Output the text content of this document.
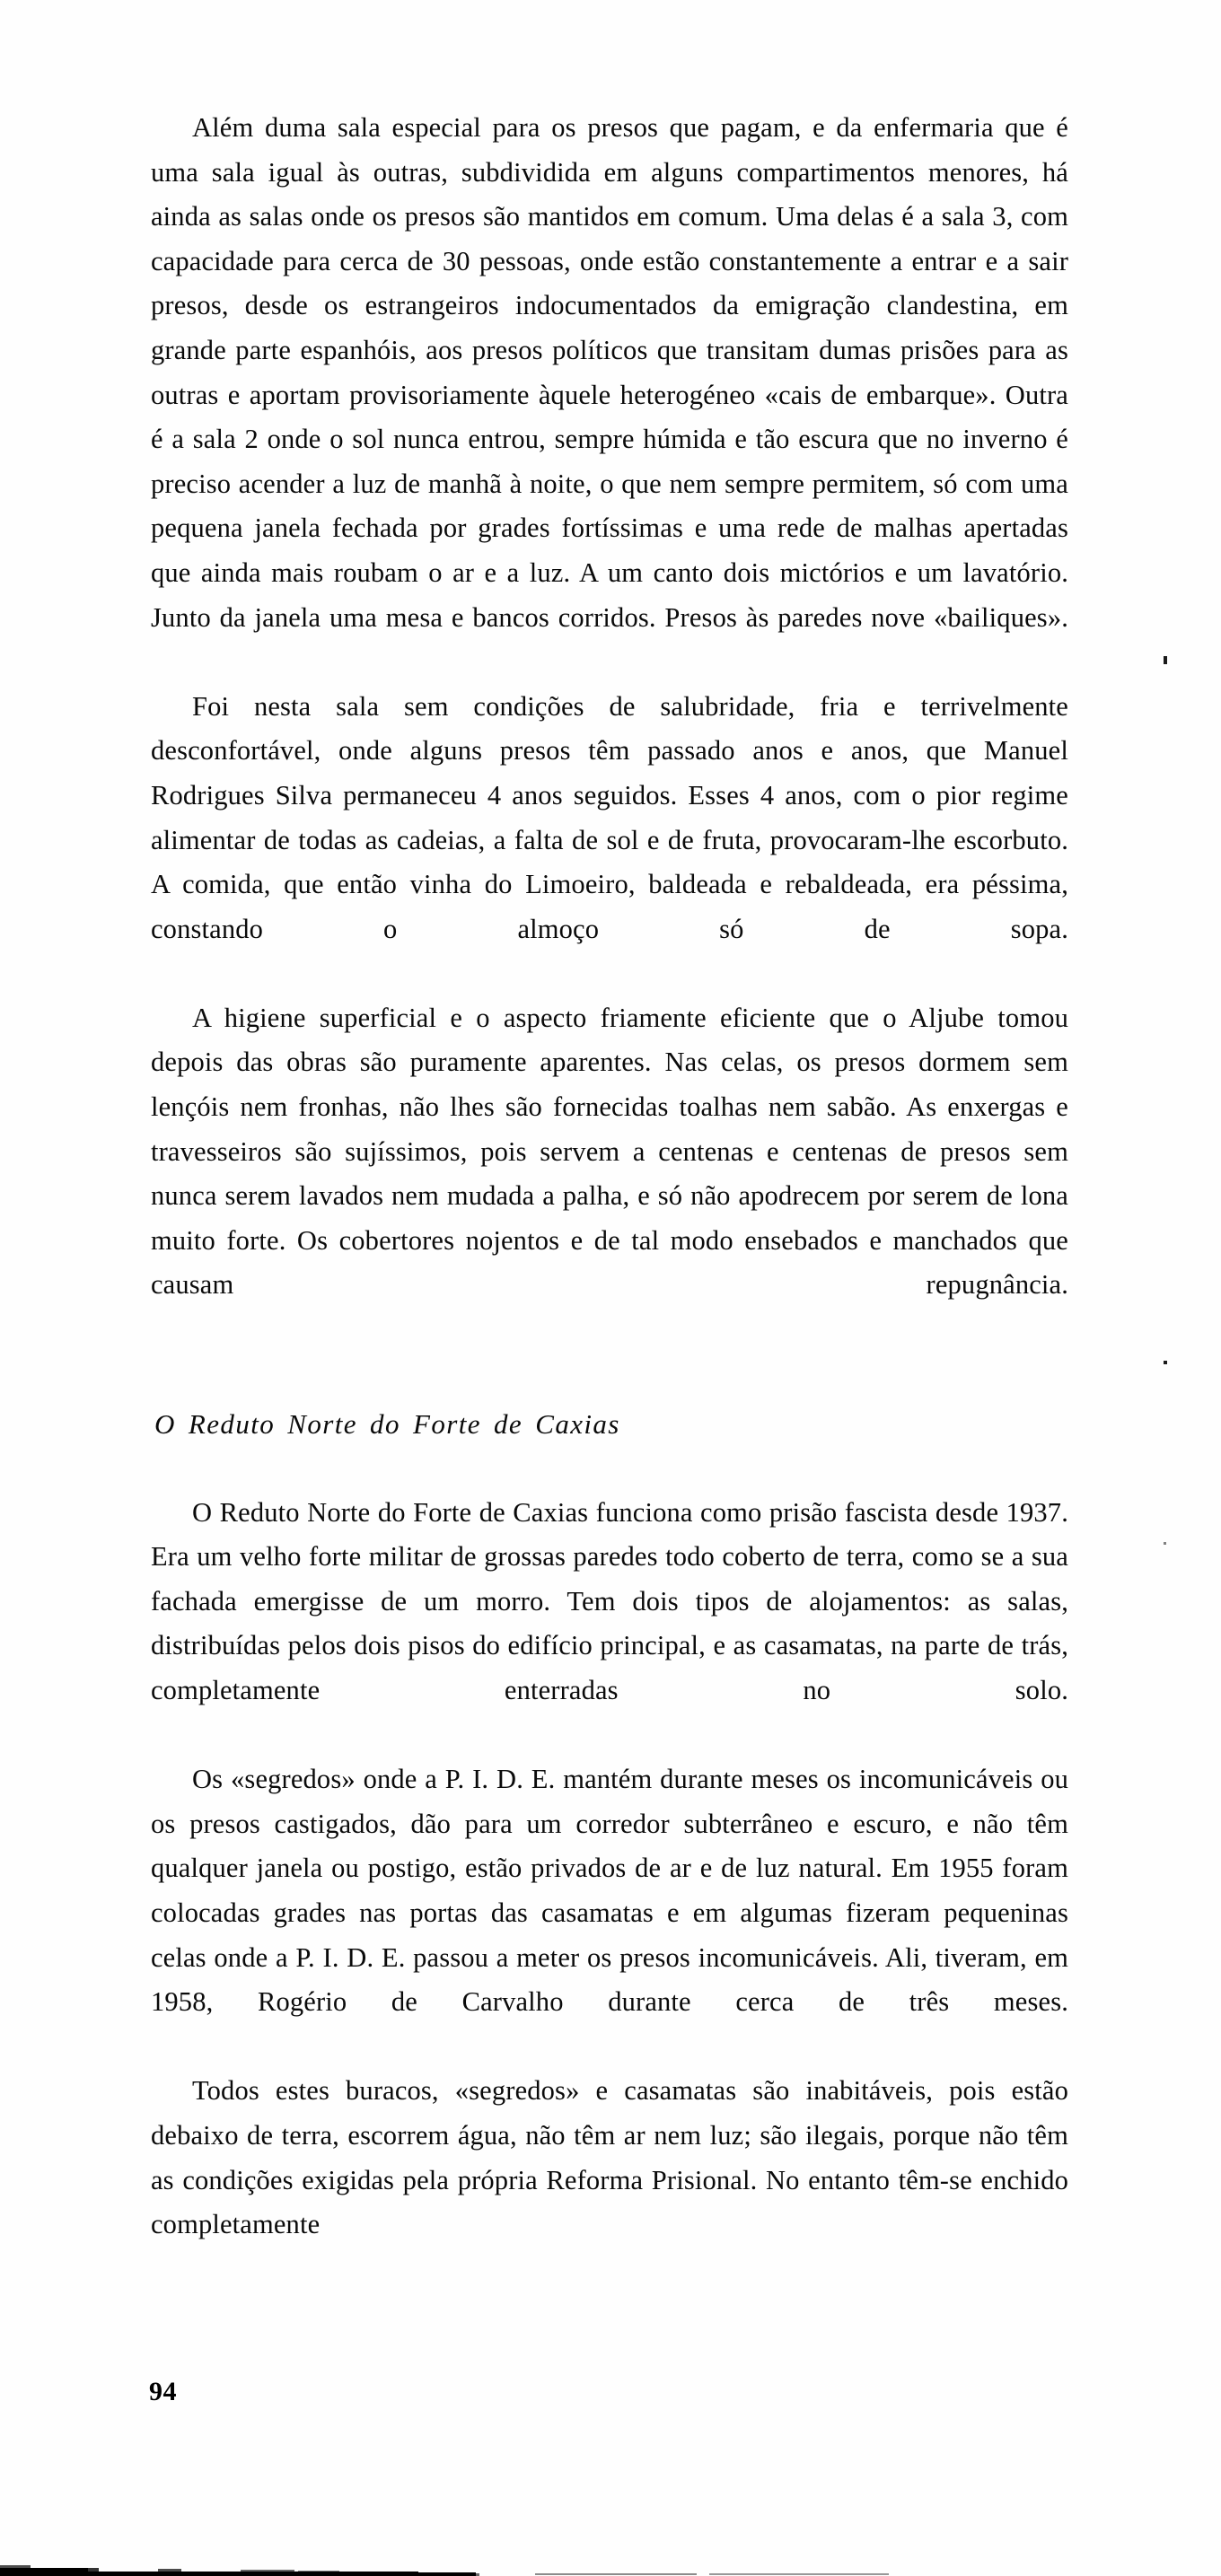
Além duma sala especial para os presos que pagam, e da enfermaria que é uma sala igual às outras, subdividida em alguns compartimentos menores, há ainda as salas onde os presos são mantidos em comum. Uma delas é a sala 3, com capacidade para cerca de 30 pessoas, onde estão constantemente a entrar e a sair presos, desde os estrangeiros indocumentados da emigração clandestina, em grande parte espanhóis, aos presos políticos que transitam dumas prisões para as outras e aportam provisoriamente àquele heterogéneo «cais de embarque». Outra é a sala 2 onde o sol nunca entrou, sempre húmida e tão escura que no inverno é preciso acender a luz de manhã à noite, o que nem sempre permitem, só com uma pequena janela fechada por grades fortíssimas e uma rede de malhas apertadas que ainda mais roubam o ar e a luz. A um canto dois mictórios e um lavatório. Junto da janela uma mesa e bancos corridos. Presos às paredes nove «bailiques».

Foi nesta sala sem condições de salubridade, fria e terrivelmente desconfortável, onde alguns presos têm passado anos e anos, que Manuel Rodrigues Silva permaneceu 4 anos seguidos. Esses 4 anos, com o pior regime alimentar de todas as cadeias, a falta de sol e de fruta, provocaram-lhe escorbuto. A comida, que então vinha do Limoeiro, baldeada e rebaldeada, era péssima, constando o almoço só de sopa.

A higiene superficial e o aspecto friamente eficiente que o Aljube tomou depois das obras são puramente aparentes. Nas celas, os presos dormem sem lençóis nem fronhas, não lhes são fornecidas toalhas nem sabão. As enxergas e travesseiros são sujíssimos, pois servem a centenas e centenas de presos sem nunca serem lavados nem mudada a palha, e só não apodrecem por serem de lona muito forte. Os cobertores nojentos e de tal modo ensebados e manchados que causam repugnância.

O Reduto Norte do Forte de Caxias

O Reduto Norte do Forte de Caxias funciona como prisão fascista desde 1937. Era um velho forte militar de grossas paredes todo coberto de terra, como se a sua fachada emergisse de um morro. Tem dois tipos de alojamentos: as salas, distribuídas pelos dois pisos do edifício principal, e as casamatas, na parte de trás, completamente enterradas no solo.

Os «segredos» onde a P. I. D. E. mantém durante meses os incomunicáveis ou os presos castigados, dão para um corredor subterrâneo e escuro, e não têm qualquer janela ou postigo, estão privados de ar e de luz natural. Em 1955 foram colocadas grades nas portas das casamatas e em algumas fizeram pequeninas celas onde a P. I. D. E. passou a meter os presos incomunicáveis. Ali, tiveram, em 1958, Rogério de Carvalho durante cerca de três meses.

Todos estes buracos, «segredos» e casamatas são inabitáveis, pois estão debaixo de terra, escorrem água, não têm ar nem luz; são ilegais, porque não têm as condições exigidas pela própria Reforma Prisional. No entanto têm-se enchido completamente

94
